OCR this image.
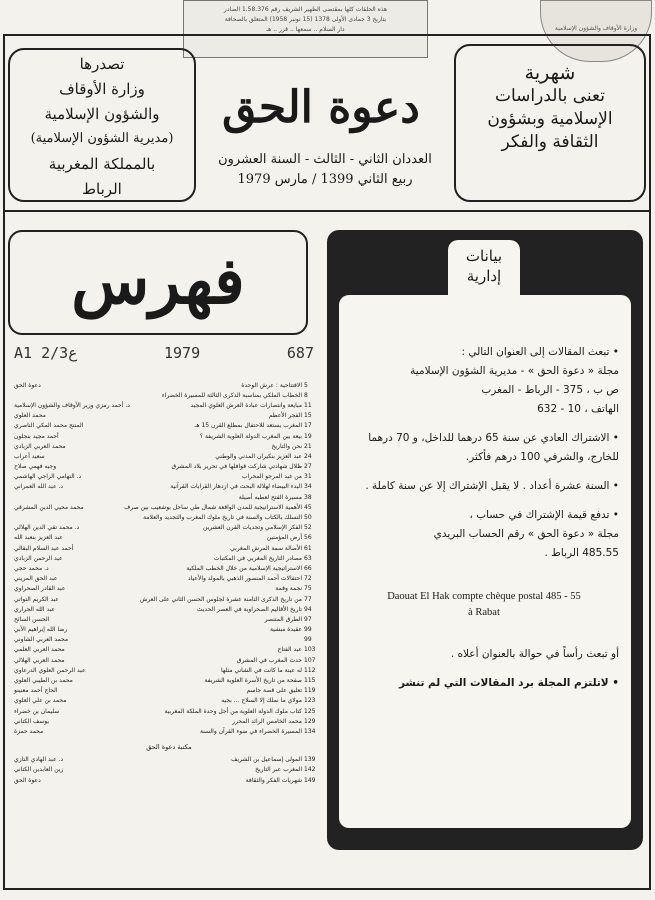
هذه الحلقات كلها بمقتضى الظهير الشريف رقم 1.58.376 الصادر
بتاريخ 3 جمادى الأولى 1378 (15 نونبر 1958) المتعلق بالصحافة
دار السلام .. سمعها .. قرر .. هـ	وزارة الأوقاف والشؤون الإسلامية
تصدرها
وزارة الأوقاف
والشؤون الإسلامية
(مديرية الشؤون الإسلامية)
بالمملكة المغربية
الرباط
شهرية
تعنى بالدراسات
الإسلامية وبشؤون
الثقافة والفكر
دعوة الحق
العددان الثاني - الثالث - السنة العشرون
ربيع الثاني 1399 / مارس 1979
فهرس
A1 2/3ع	1979	687
5
الافتتاحية : عرش الوحدة
دعوة الحق
8
الخطاب الملكي بمناسبة الذكرى الثالثة للمسيرة الخضراء
11
مبايعة وانتصارات عبادة العرش العلوي المجيد
د. أحمد رمزي وزير الأوقاف والشؤون الإسلامية
15
الفجر الأعظم
محمد العلوي
17
المغرب يستعد للاحتفال بمطلع القرن 15 هـ
المنتج محمد المكي الناصري
19
بيعة بين المغرب الدولة العلوية الشريفة ؟
أحمد مجيد بنجلون
21
نحن والتاريخ
محمد العربي الزبادي
24
عبد العزيز بنكيران المدني والوطني
سعيد أعراب
27
ظلال شهادتي شاركت قوافلها في تحرير بلاد المشرق
وجيه فهمي صلاح
31
من غيد المرجو المحراب
د. التهامي الراجي الهاشمي
34
البدء البيضاء لهلالة البحث في ازدهار القرابات القرآنية
د. عبد الله العمراني
38
مسيرة الفتح لعطيه أصيلة
45
الأهمية الاستراتيجية للمدن الواقعة شمال طي ساحل بوشعيب بين صرف
محمد محيي الدين المشرقي
50
التسلك بالكتاب والسنة في تاريخ ملوك المغرب والتجديد والعلامة
52
الفكر الإسلامي وتحديات القرن العشرين
د. محمد تقي الدين الهلالي
56
أرض المؤمنين
عبد العزيز بنعبد الله
61
الأصالة سمة المرش المغربي
أحمد عبد السلام البقالي
63
مصادر التاريخ المغربي في المكتبات
عبد الرحمن الزبادي
66
الاستراتيجية الإسلامية من خلال الخطب الملكية
د. محمد حجي
72
احتفالات أحمد المنصور الذهبي بالمولد والأعياد
عبد الحق المريني
75
نجمة وقمة
عبد القادر الصحراوي
77
من تاريخ الذكرى الثامنة عشرة لجلوس الحسن الثاني على العرش
عبد الكريم التواتي
94
تاريخ الأقاليم الصحراوية في العصر الحديث
عبد الله الجراري
97
الطرق المتنصر
الحسن السائح
99
عقيدة مبشية
رضا الله إبراهيم الأبي
99
محمد العربي الشاوني
103
عبد الفتاح
محمد العربي العلمي
107
حدث المغرب في المشرق
محمد العربي الهلالي
112
له عينة ما كانت في الشاني مثلها
عبد الرحمن العلوي الدرعاوي
115
صفحة من تاريخ الأسرة العلوية الشريفة
محمد بن الطيبي العلوي
119
تعليق على قصة جاسم
الحاج أحمد معنينو
123
مولاي ما نملك إلا السلاح ... بجيه
محمد بن علي العلوي
125
كتاب ملوك الدولة العلوية من أجل وحدة الملكة المغربية
سليمان بن خضراء
129
محمد الخامس الرائد المحرر
يوسف الكتاني
134
المسيرة الخضراء في ضوء القرآن والسنة
محمد حمزة
مكتبة دعوة الحق
139
المولى إسماعيل بن الشريف
د. عبد الهادي التازي
142
المغرب عبر التاريخ
زين العابدين الكتاني
149
شهريات الفكر والثقافة
دعوة الحق
بيانات
إدارية

• تبعث المقالات إلى العنوان التالي :
مجلة « دعوة الحق » - مديرية الشؤون الإسلامية
ص ب ، 375 - الرباط - المغرب
الهاتف ، 10 - 632

• الاشتراك العادي عن سنة 65 درهما للداخل، و 70 درهما للخارج، والشرفي 100 درهم فأكثر.

• السنة عشرة أعداد . لا يقبل الإشتراك إلا عن سنة كاملة .

• تدفع قيمة الإشتراك في حساب ،
مجلة « دعوة الحق » رقم الحساب البريدي
485.55 الرباط .

Daouat El Hak compte chèque postal 485 - 55
à Rabat

أو تبعث رأساً في حوالة بالعنوان أعلاه .

• لاتلتزم المجلة برد المقالات التي لم تنشر
